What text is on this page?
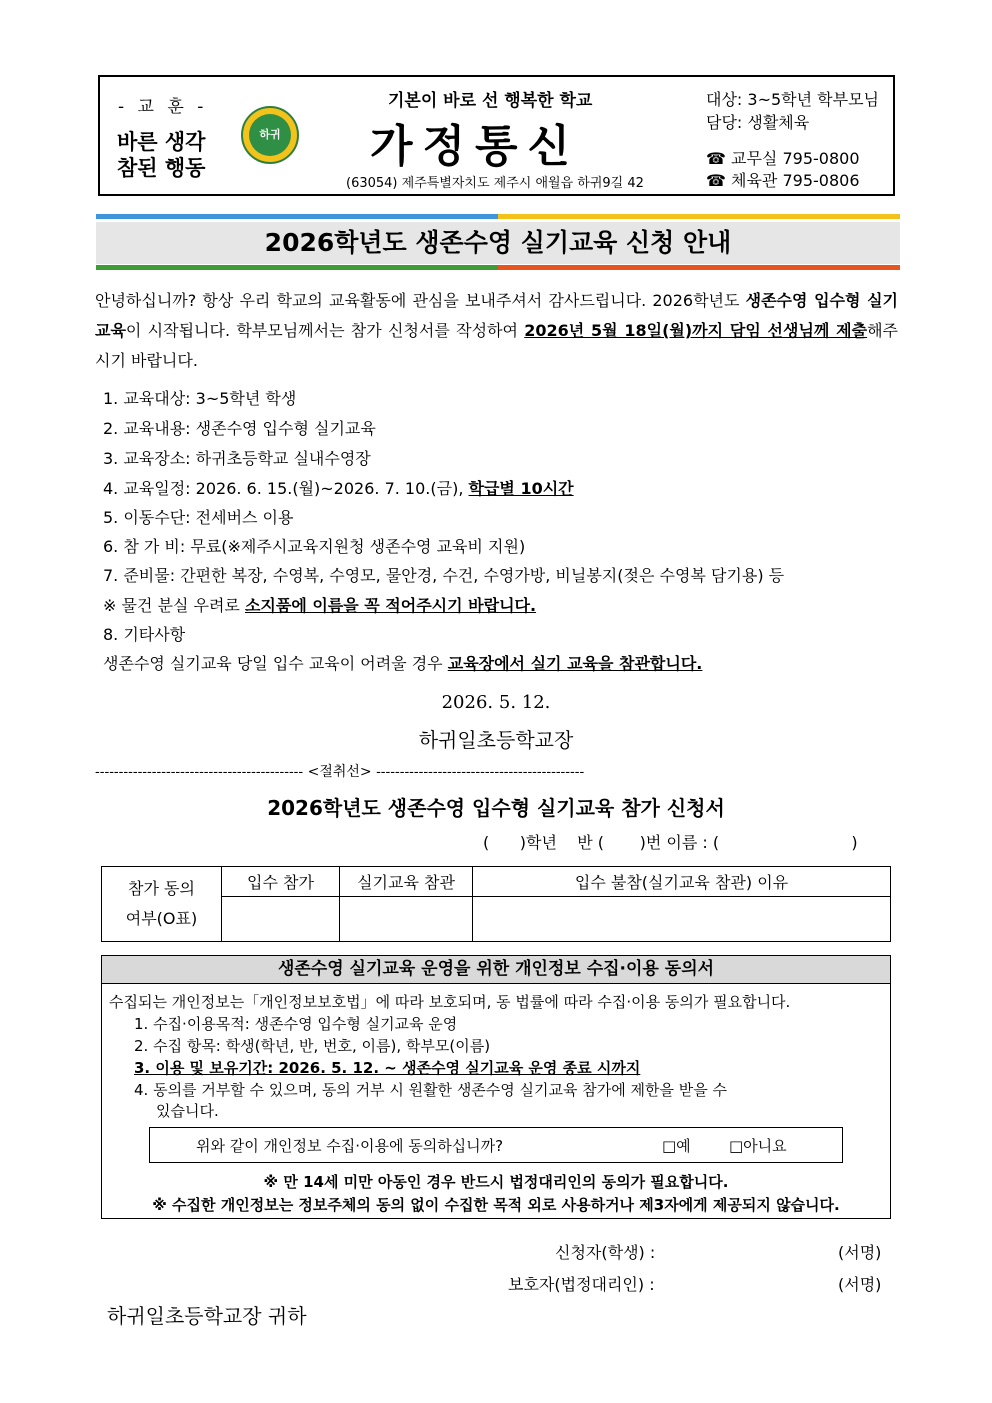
- 교 훈 -
바른 생각
참된 행동
하귀
기본이 바로 선 행복한 학교
가정통신
(63054) 제주특별자치도 제주시 애월읍 하귀9길 42
대상: 3~5학년 학부모님
담당: 생활체육
☎ 교무실 795-0800
☎ 체육관 795-0806
2026학년도 생존수영 실기교육 신청 안내
안녕하십니까? 항상 우리 학교의 교육활동에 관심을 보내주셔서 감사드립니다. 2026학년도 생존수영 입수형 실기교육이 시작됩니다. 학부모님께서는 참가 신청서를 작성하여 2026년 5월 18일(월)까지 담임 선생님께 제출해주시기 바랍니다.
1. 교육대상: 3~5학년 학생
2. 교육내용: 생존수영 입수형 실기교육
3. 교육장소: 하귀초등학교 실내수영장
4. 교육일정: 2026. 6. 15.(월)~2026. 7. 10.(금), 학급별 10시간
5. 이동수단: 전세버스 이용
6. 참 가 비: 무료(※제주시교육지원청 생존수영 교육비 지원)
7. 준비물: 간편한 복장, 수영복, 수영모, 물안경, 수건, 수영가방, 비닐봉지(젖은 수영복 담기용) 등
※ 물건 분실 우려로 소지품에 이름을 꼭 적어주시기 바랍니다.
8. 기타사항
생존수영 실기교육 당일 입수 교육이 어려울 경우 교육장에서 실기 교육을 참관합니다.
2026. 5. 12.
하귀일초등학교장
-------------------------------------------- <절취선> --------------------------------------------
2026학년도 생존수영 입수형 실기교육 참가 신청서
(      )학년    반 (       )번 이름 : (                          )
참가 동의
여부(O표)	입수 참가	실기교육 참관	입수 불참(실기교육 참관) 이유

생존수영 실기교육 운영을 위한 개인정보 수집·이용 동의서
수집되는 개인정보는「개인정보보호법」에 따라 보호되며, 동 법률에 따라 수집·이용 동의가 필요합니다.
1. 수집·이용목적: 생존수영 입수형 실기교육 운영
2. 수집 항목: 학생(학년, 반, 번호, 이름), 학부모(이름)
3. 이용 및 보유기간: 2026. 5. 12. ~ 생존수영 실기교육 운영 종료 시까지
4. 동의를 거부할 수 있으며, 동의 거부 시 원활한 생존수영 실기교육 참가에 제한을 받을 수
있습니다.
위와 같이 개인정보 수집·이용에 동의하십니까?	□예	□아니요
※ 만 14세 미만 아동인 경우 반드시 법정대리인의 동의가 필요합니다.
※ 수집한 개인정보는 정보주체의 동의 없이 수집한 목적 외로 사용하거나 제3자에게 제공되지 않습니다.
신청자(학생) :	(서명)
보호자(법정대리인) :	(서명)
하귀일초등학교장 귀하
